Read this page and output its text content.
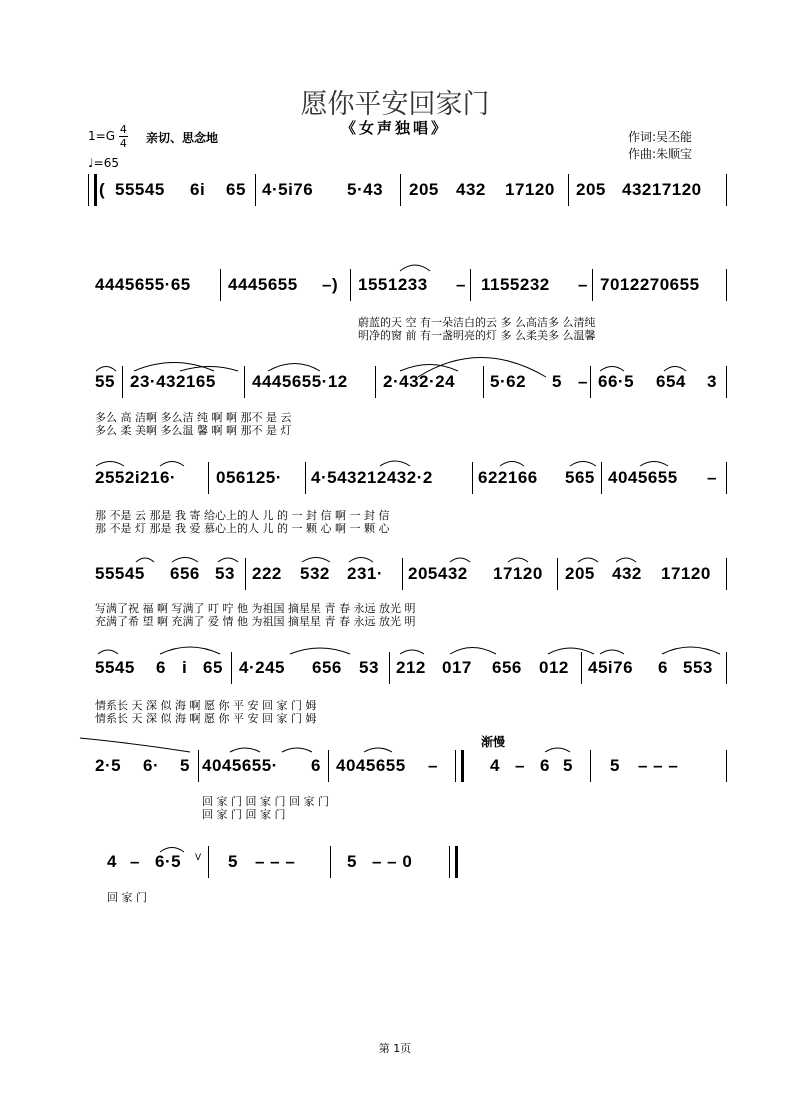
愿你平安回家门
《女声独唱》
$1=G \frac{4}{4}$ 亲切、思念地
♩=65
作词:吴丕能
作曲:朱顺宝
( 55545 6i 65 4·5i76 5·43 205 432 17120 205 43217120
4445655·65 4445655 –) 1551233 – 1155232 – 7012270655
蔚蓝的天 空 有一朵洁白的云 多 么高洁多 么清纯
明净的窗 前 有一盏明亮的灯 多 么柔美多 么温馨
55 23·432165 4445655·12 2·432·24 5·62 5 – 66·5 654 3
多么 高 洁啊 多么洁 纯 啊 啊 那不 是 云
多么 柔 美啊 多么温 馨 啊 啊 那不 是 灯
2552i216· 056125· 4·543212432·2	622166 565 4045655 –
那 不是 云 那是 我 寄 给心上的人 儿 的 一 封 信 啊 一 封 信
那 不是 灯 那是 我 爱 慕心上的人 儿 的 一 颗 心 啊 一 颗 心
55545 656 53 222 532 231· 205432 17120 205 432 17120
写满了祝 福 啊 写满了 叮 咛 他 为祖国 摘星星 青 春 永远 放光 明
充满了希 望 啊 充满了 爱 情 他 为祖国 摘星星 青 春 永远 放光 明
5545 6 i 65 4·245 656 53 212 017 656 012 45i76 6 553
情系长 天 深 似 海 啊 愿 你 平 安 回 家 门 姆
情系长 天 深 似 海 啊 愿 你 平 安 回 家 门 姆
2·5 6· 5 4045655· 6 4045655 –	4 – 6 5 5 – – –
回 家 门 回 家 门 回 家 门
回 家 门 回 家 门
4 – 6·5	5 – – –	5 – – 0
回 家 门
渐慢
第 1页
V
